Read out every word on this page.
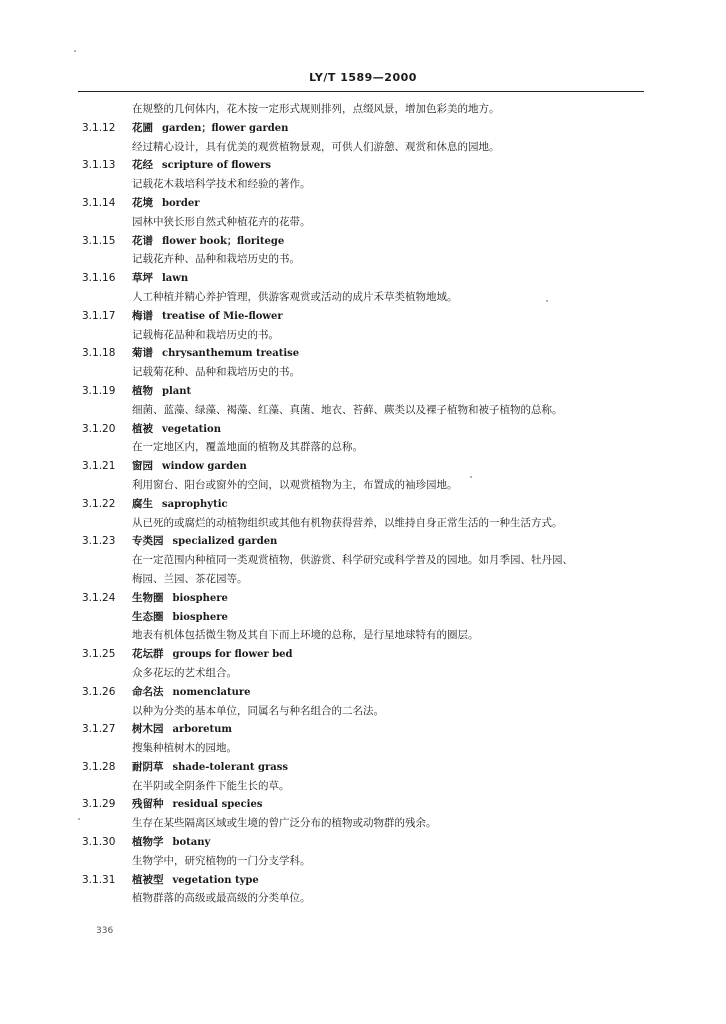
LY/T 1589—2000
在规整的几何体内，花木按一定形式规则排列，点缀风景，增加色彩美的地方。
3.1.12 花圃 garden；flower garden
经过精心设计，具有优美的观赏植物景观，可供人们游憩、观赏和休息的园地。
3.1.13 花经 scripture of flowers
记载花木栽培科学技术和经验的著作。
3.1.14 花境 border
园林中狭长形自然式种植花卉的花带。
3.1.15 花谱 flower book；floritege
记载花卉种、品种和栽培历史的书。
3.1.16 草坪 lawn
人工种植并精心养护管理，供游客观赏或活动的成片禾草类植物地域。
3.1.17 梅谱 treatise of Mie-flower
记载梅花品种和栽培历史的书。
3.1.18 菊谱 chrysanthemum treatise
记载菊花种、品种和栽培历史的书。
3.1.19 植物 plant
细菌、蓝藻、绿藻、褐藻、红藻、真菌、地衣、苔藓、蕨类以及裸子植物和被子植物的总称。
3.1.20 植被 vegetation
在一定地区内，覆盖地面的植物及其群落的总称。
3.1.21 窗园 window garden
利用窗台、阳台或窗外的空间，以观赏植物为主，布置成的袖珍园地。
3.1.22 腐生 saprophytic
从已死的或腐烂的动植物组织或其他有机物获得营养，以维持自身正常生活的一种生活方式。
3.1.23 专类园 specialized garden
在一定范围内种植同一类观赏植物，供游赏、科学研究或科学普及的园地。如月季园、牡丹园、
梅园、兰园、茶花园等。
3.1.24 生物圈 biosphere
生态圈 biosphere
地表有机体包括微生物及其自下而上环境的总称，是行星地球特有的圈层。
3.1.25 花坛群 groups for flower bed
众多花坛的艺术组合。
3.1.26 命名法 nomenclature
以种为分类的基本单位，同属名与种名组合的二名法。
3.1.27 树木园 arboretum
搜集种植树木的园地。
3.1.28 耐阴草 shade-tolerant grass
在半阴或全阴条件下能生长的草。
3.1.29 残留种 residual species
生存在某些隔离区域或生境的曾广泛分布的植物或动物群的残余。
3.1.30 植物学 botany
生物学中，研究植物的一门分支学科。
3.1.31 植被型 vegetation type
植物群落的高级或最高级的分类单位。
336
